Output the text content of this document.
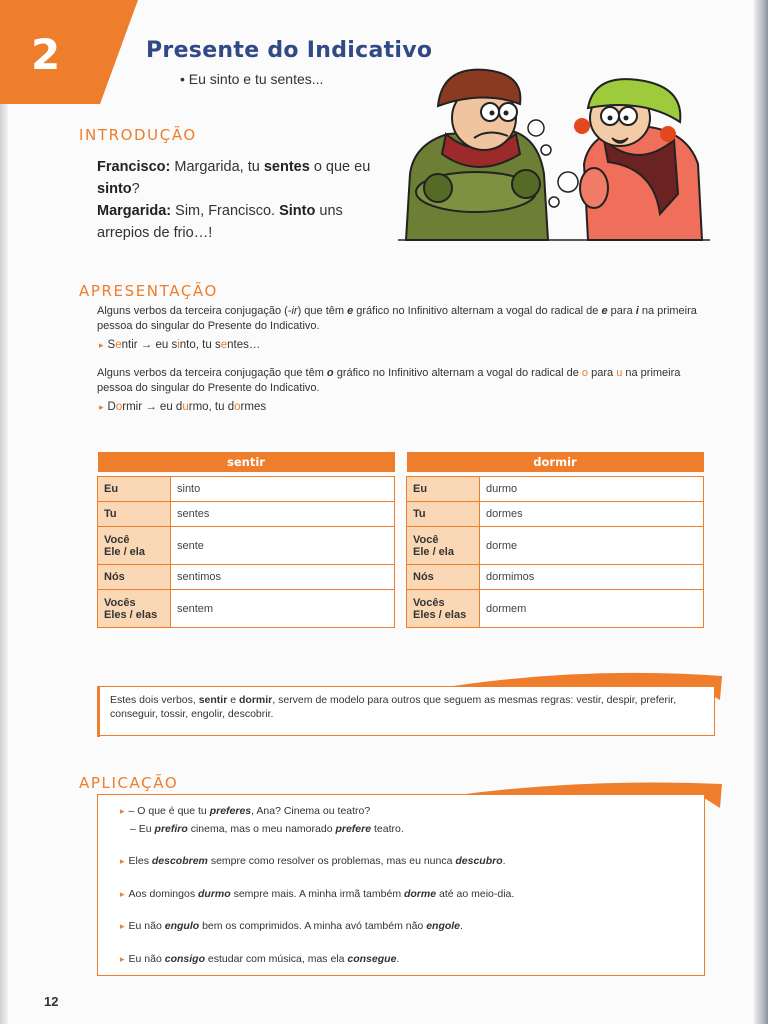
2	Presente do Indicativo
• Eu sinto e tu sentes...
INTRODUÇÃO
Francisco: Margarida, tu sentes o que eu sinto?
Margarida: Sim, Francisco. Sinto uns arrepios de frio…!
APRESENTAÇÃO
Alguns verbos da terceira conjugação (-ir) que têm e gráfico no Infinitivo alternam a vogal do radical de e para i na primeira pessoa do singular do Presente do Indicativo.
▸ Sentir → eu sinto, tu sentes…
Alguns verbos da terceira conjugação que têm o gráfico no Infinitivo alternam a vogal do radical de o para u na primeira pessoa do singular do Presente do Indicativo.
▸ Dormir → eu durmo, tu dormes
sentir	

Eu	sinto
Tu	sentes

Você
Ele / ela	sente
Nós	sentimos

Vocês
Eles / elas	sentem
dormir	

Eu	durmo
Tu	dormes

Você
Ele / ela	dorme
Nós	dormimos

Vocês
Eles / elas	dormem
Estes dois verbos, sentir e dormir, servem de modelo para outros que seguem as mesmas regras: vestir, despir, preferir, conseguir, tossir, engolir, descobrir.
APLICAÇÃO
▸ – O que é que tu preferes, Ana? Cinema ou teatro?
– Eu prefiro cinema, mas o meu namorado prefere teatro.
▸ Eles descobrem sempre como resolver os problemas, mas eu nunca descubro.
▸ Aos domingos durmo sempre mais. A minha irmã também dorme até ao meio-dia.
▸ Eu não engulo bem os comprimidos. A minha avó também não engole.
▸ Eu não consigo estudar com música, mas ela consegue.
12
